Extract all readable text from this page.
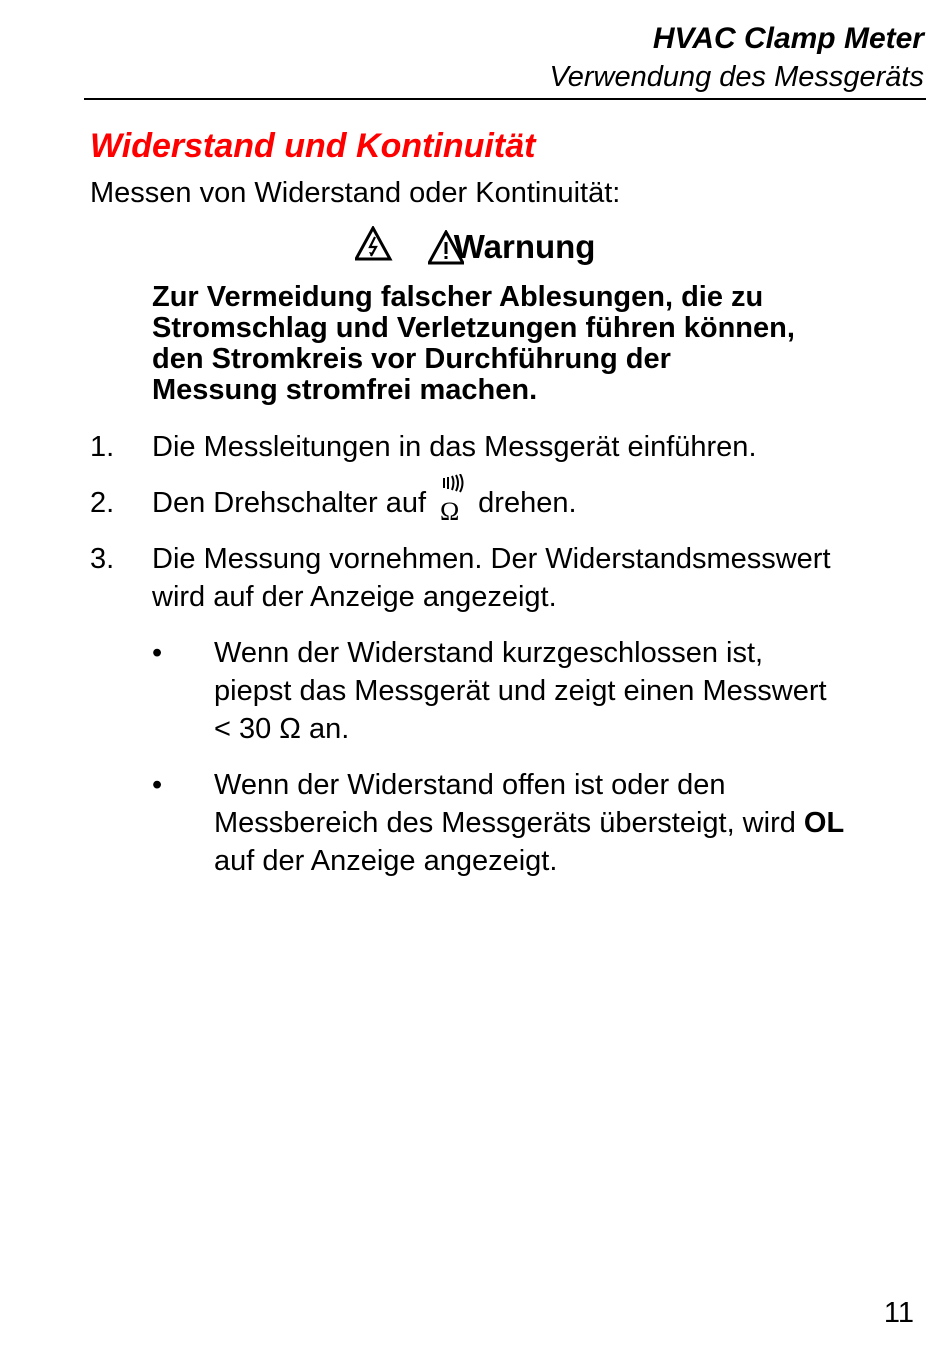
HVAC Clamp Meter
Verwendung des Messgeräts
Widerstand und Kontinuität
Messen von Widerstand oder Kontinuität:

Warnung
Zur Vermeidung falscher Ablesungen, die zu
Stromschlag und Verletzungen führen können,
den Stromkreis vor Durchführung der
Messung stromfrei machen.
1. Die Messleitungen in das Messgerät einführen.
2. Den Drehschalter auf Ω drehen.
3. Die Messung vornehmen. Der Widerstandsmesswert
wird auf der Anzeige angezeigt.
• Wenn der Widerstand kurzgeschlossen ist,
piepst das Messgerät und zeigt einen Messwert
< 30 Ω an.
• Wenn der Widerstand offen ist oder den
Messbereich des Messgeräts übersteigt, wird OL
auf der Anzeige angezeigt.
11
